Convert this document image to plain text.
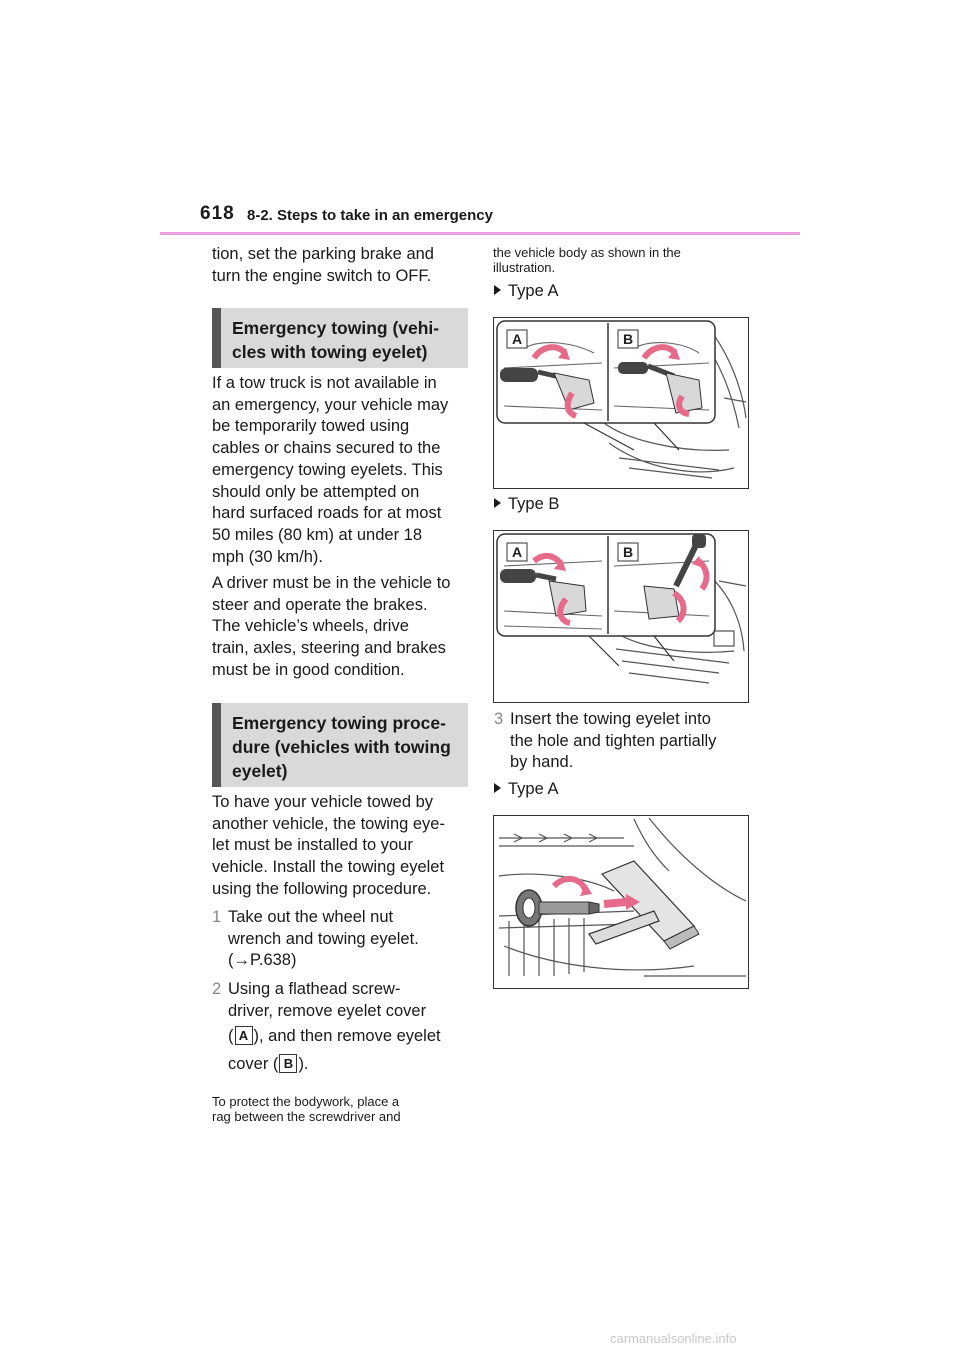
618 8-2. Steps to take in an emergency
tion, set the parking brake and
turn the engine switch to OFF.
Emergency towing (vehi-
cles with towing eyelet)
If a tow truck is not available in
an emergency, your vehicle may
be temporarily towed using
cables or chains secured to the
emergency towing eyelets. This
should only be attempted on
hard surfaced roads for at most
50 miles (80 km) at under 18
mph (30 km/h).
A driver must be in the vehicle to
steer and operate the brakes.
The vehicle’s wheels, drive
train, axles, steering and brakes
must be in good condition.
Emergency towing proce-
dure (vehicles with towing
eyelet)
To have your vehicle towed by
another vehicle, the towing eye-
let must be installed to your
vehicle. Install the towing eyelet
using the following procedure.
1 Take out the wheel nut
wrench and towing eyelet.
(→P.638)
2 Using a flathead screw-
driver, remove eyelet cover
( A ), and then remove eyelet
cover ( B ).
To protect the bodywork, place a
rag between the screwdriver and
the vehicle body as shown in the
illustration.
Type A
A	B
Type B
A	B
3 Insert the towing eyelet into
the hole and tighten partially
by hand.
Type A
carmanualsonline.info
